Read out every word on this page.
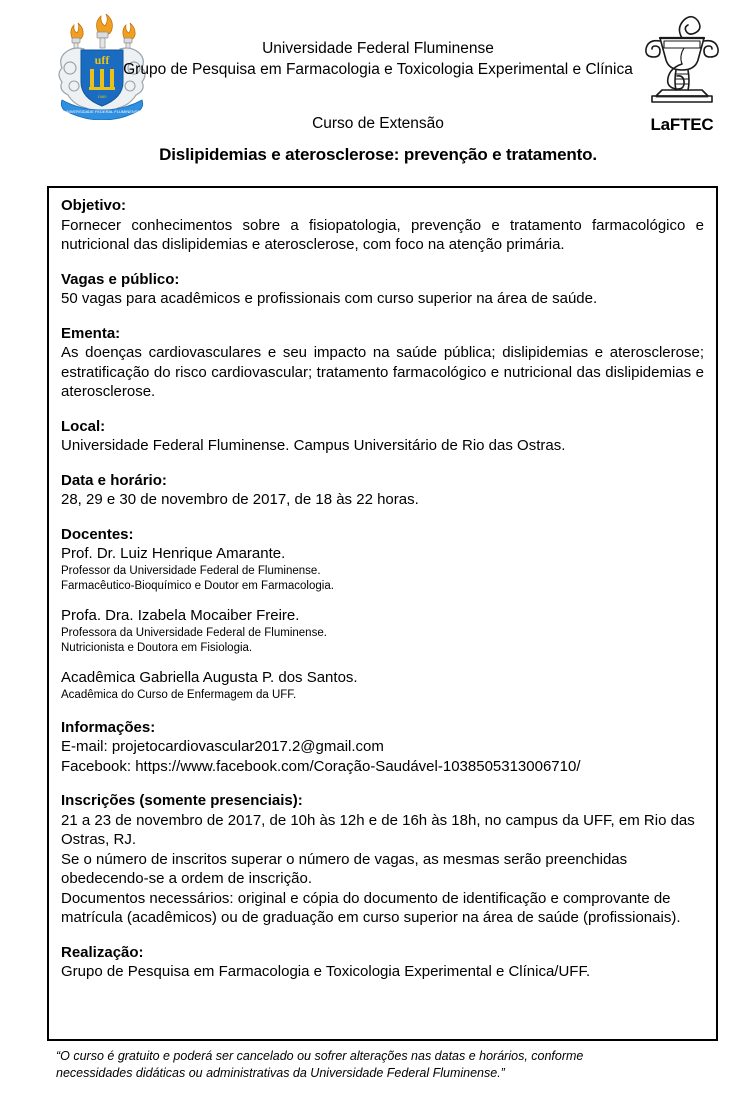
uff
1960
UNIVERSIDADE FEDERAL FLUMINENSE
LaFTEC
Universidade Federal Fluminense
Grupo de Pesquisa em Farmacologia e Toxicologia Experimental e Clínica
Curso de Extensão
Dislipidemias e aterosclerose: prevenção e tratamento.
Objetivo:
Fornecer conhecimentos sobre a fisiopatologia, prevenção e tratamento farmacológico e nutricional das dislipidemias e aterosclerose, com foco na atenção primária.
Vagas e público:
50 vagas para acadêmicos e profissionais com curso superior na área de saúde.
Ementa:
As doenças cardiovasculares e seu impacto na saúde pública; dislipidemias e aterosclerose; estratificação do risco cardiovascular; tratamento farmacológico e nutricional das dislipidemias e aterosclerose.
Local:
Universidade Federal Fluminense. Campus Universitário de Rio das Ostras.
Data e horário:
28, 29 e 30 de novembro de 2017, de 18 às 22 horas.
Docentes:
Prof. Dr. Luiz Henrique Amarante.
Professor da Universidade Federal de Fluminense.
Farmacêutico-Bioquímico e Doutor em Farmacologia.
Profa. Dra. Izabela Mocaiber Freire.
Professora da Universidade Federal de Fluminense.
Nutricionista e Doutora em Fisiologia.
Acadêmica Gabriella Augusta P. dos Santos.
Acadêmica do Curso de Enfermagem da UFF.
Informações:
E-mail: projetocardiovascular2017.2@gmail.com
Facebook: https://www.facebook.com/Coração-Saudável-1038505313006710/
Inscrições (somente presenciais):
21 a 23 de novembro de 2017, de 10h às 12h e de 16h às 18h, no campus da UFF, em Rio das Ostras, RJ.
Se o número de inscritos superar o número de vagas, as mesmas serão preenchidas obedecendo-se a ordem de inscrição.
Documentos necessários: original e cópia do documento de identificação e comprovante de matrícula (acadêmicos) ou de graduação em curso superior na área de saúde (profissionais).
Realização:
Grupo de Pesquisa em Farmacologia e Toxicologia Experimental e Clínica/UFF.
“O curso é gratuito e poderá ser cancelado ou sofrer alterações nas datas e horários, conforme
necessidades didáticas ou administrativas da Universidade Federal Fluminense.”
